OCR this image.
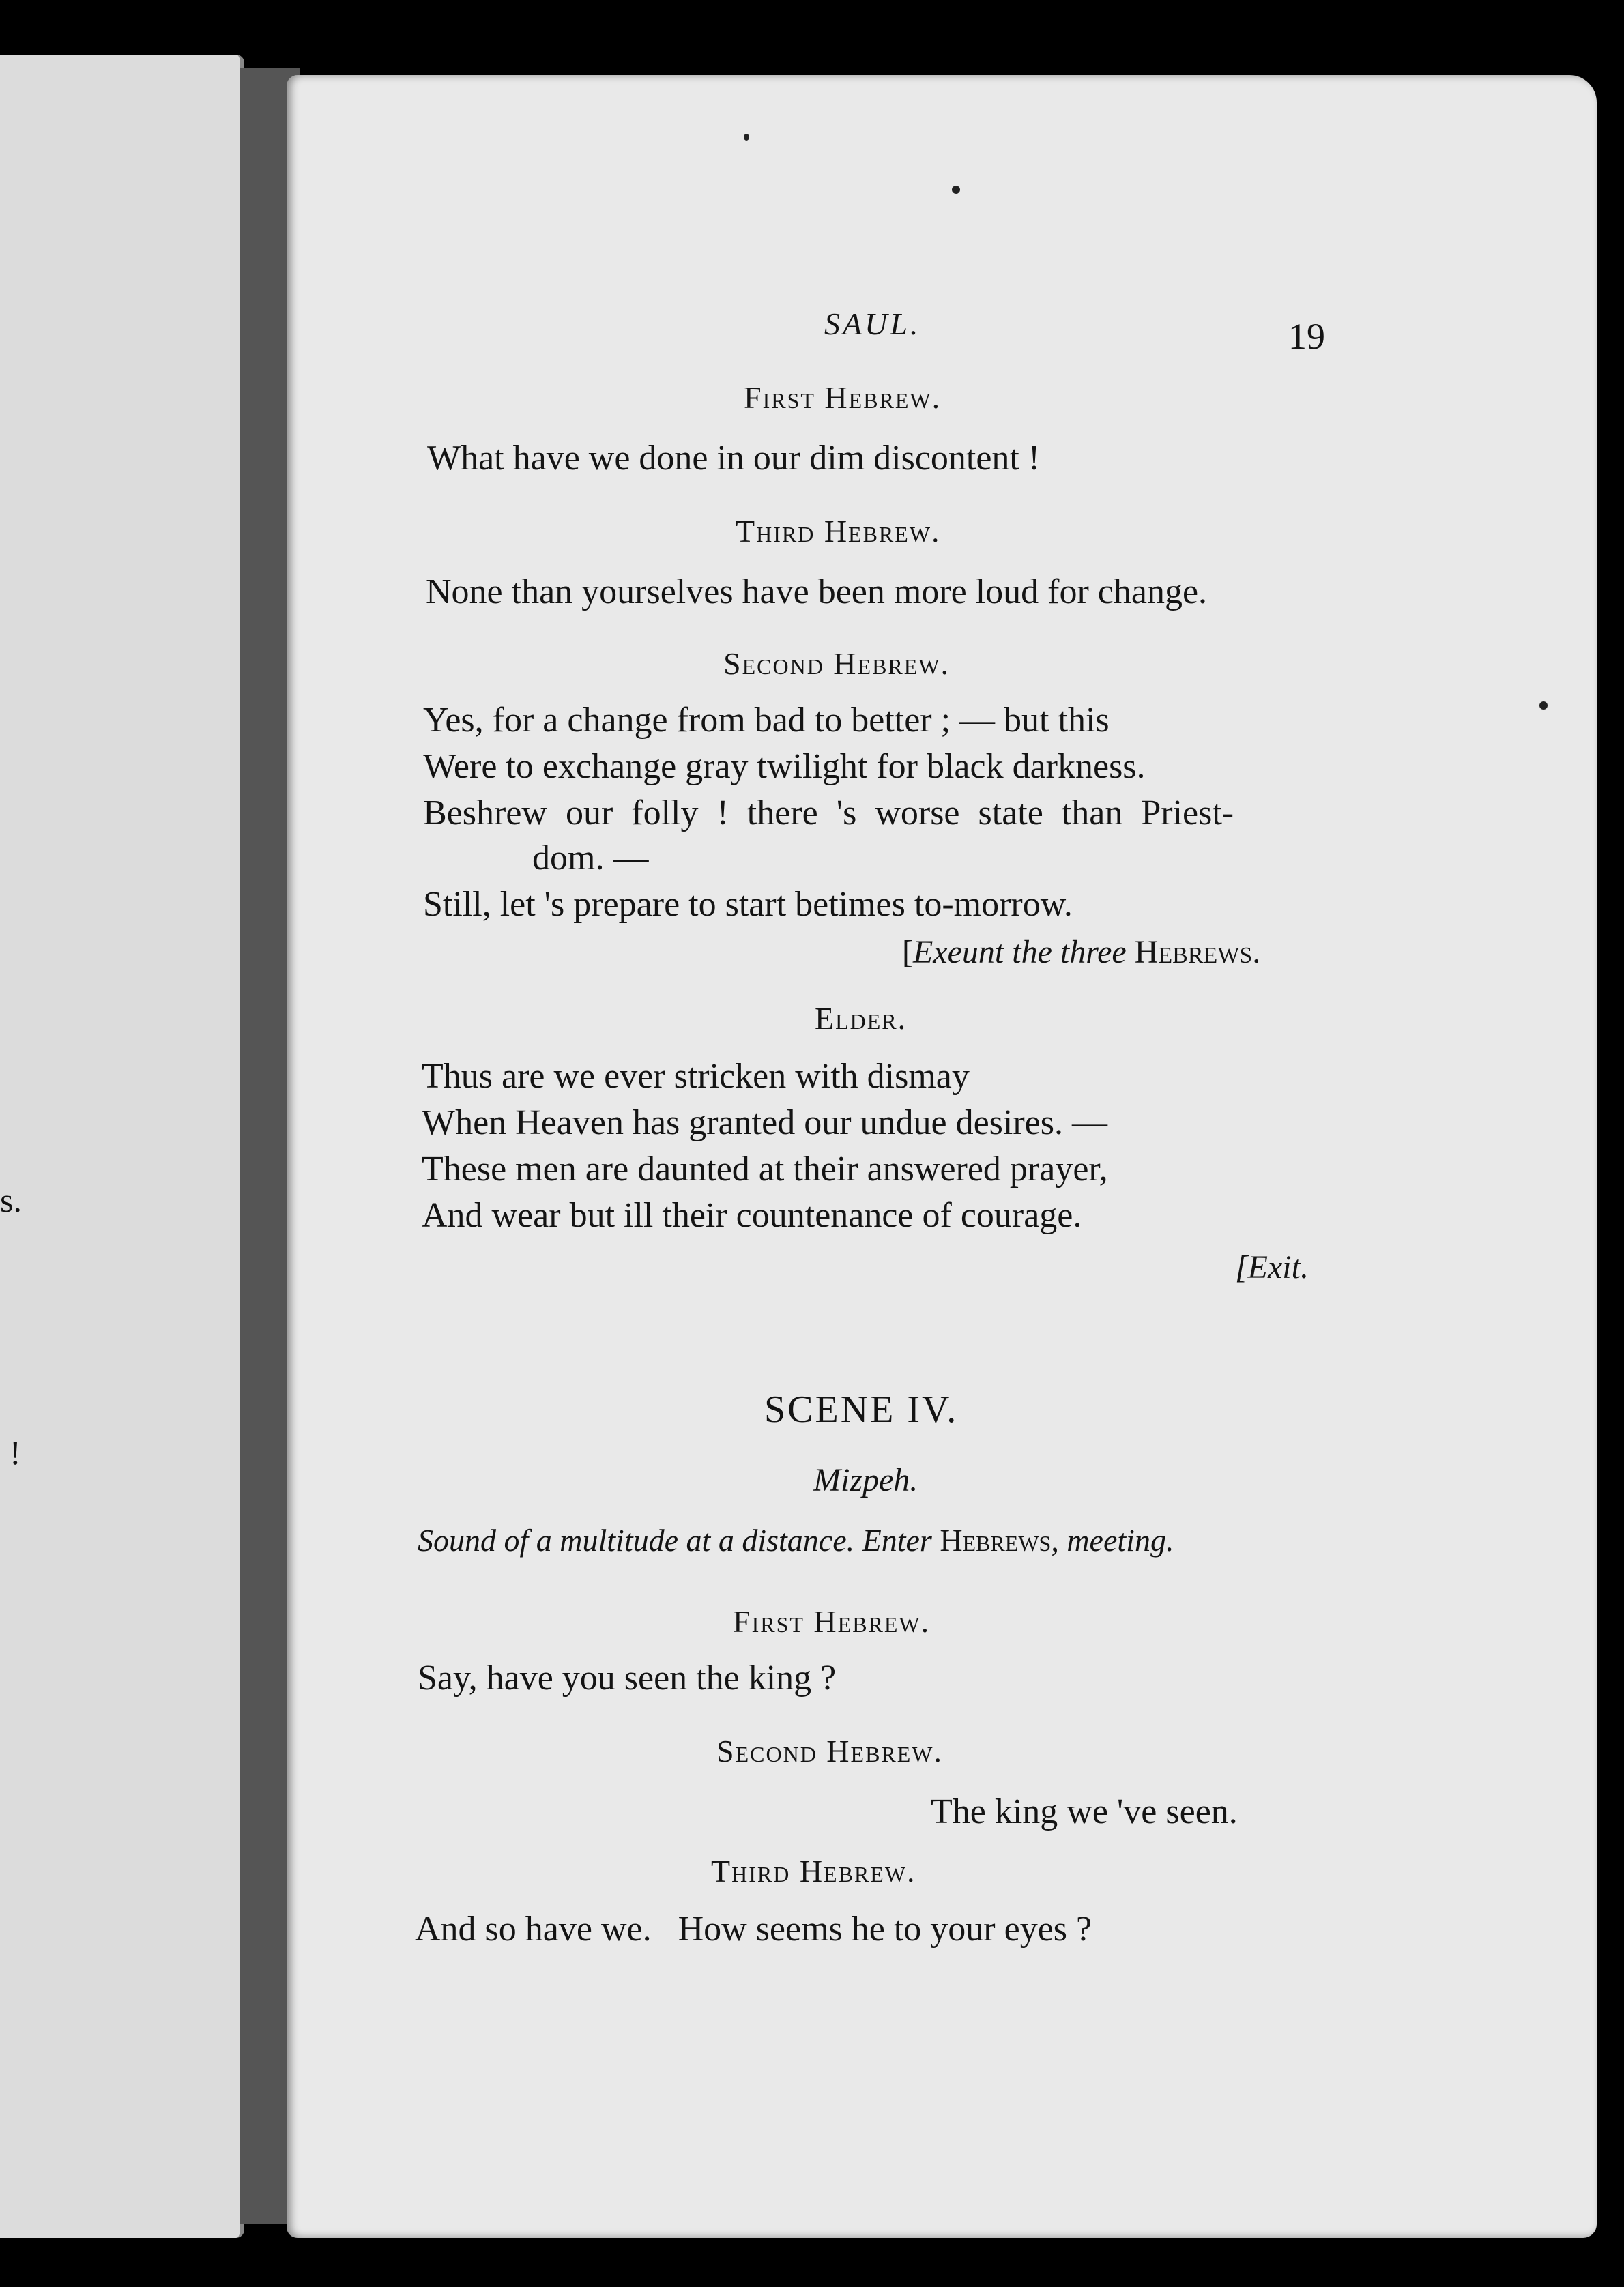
s.
!
SAUL.	19
First Hebrew.
What have we done in our dim discontent !
Third Hebrew.
None than yourselves have been more loud for change.
Second Hebrew.
Yes, for a change from bad to better ; — but this
Were to exchange gray twilight for black darkness.
Beshrew our folly ! there 's worse state than Priest-
dom. —
Still, let 's prepare to start betimes to-morrow.
[Exeunt the three Hebrews.
Elder.
Thus are we ever stricken with dismay
When Heaven has granted our undue desires. —
These men are daunted at their answered prayer,
And wear but ill their countenance of courage.
[Exit.
SCENE IV.
Mizpeh.
Sound of a multitude at a distance. Enter Hebrews, meeting.
First Hebrew.
Say, have you seen the king ?
Second Hebrew.
The king we 've seen.
Third Hebrew.
And so have we.   How seems he to your eyes ?
